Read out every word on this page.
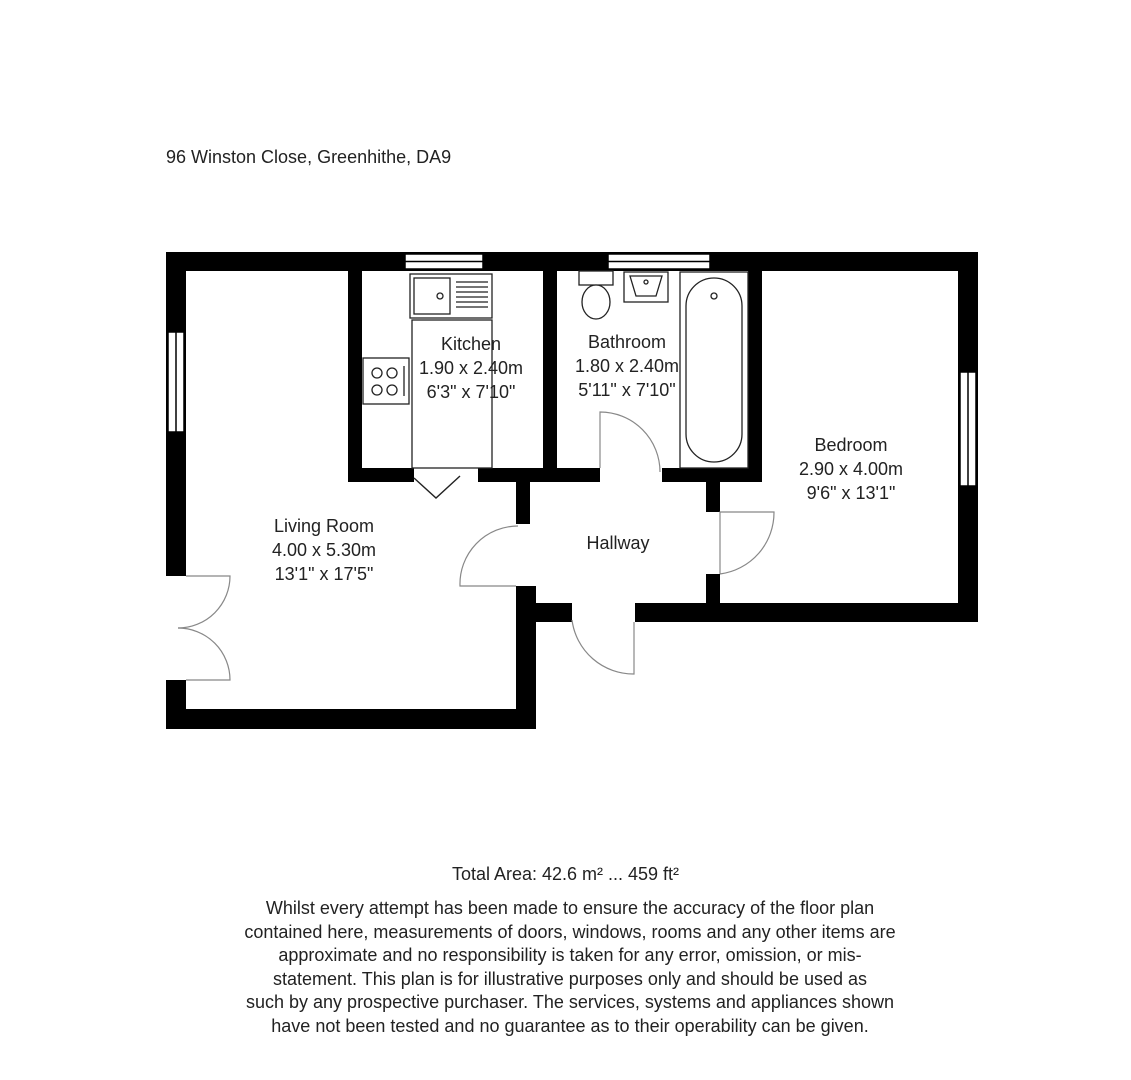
96 Winston Close, Greenhithe, DA9
Kitchen
1.90 x 2.40m
6'3" x 7'10"
Bathroom
1.80 x 2.40m
5'11" x 7'10"
Bedroom
2.90 x 4.00m
9'6" x 13'1"
Living Room
4.00 x 5.30m
13'1" x 17'5"
Hallway
Total Area: 42.6 m² ... 459 ft²
Whilst every attempt has been made to ensure the accuracy of the floor plan
contained here, measurements of doors, windows, rooms and any other items are
approximate and no responsibility is taken for any error, omission, or mis-
statement. This plan is for illustrative purposes only and should be used as
such by any prospective purchaser. The services, systems and appliances shown
have not been tested and no guarantee as to their operability can be given.
